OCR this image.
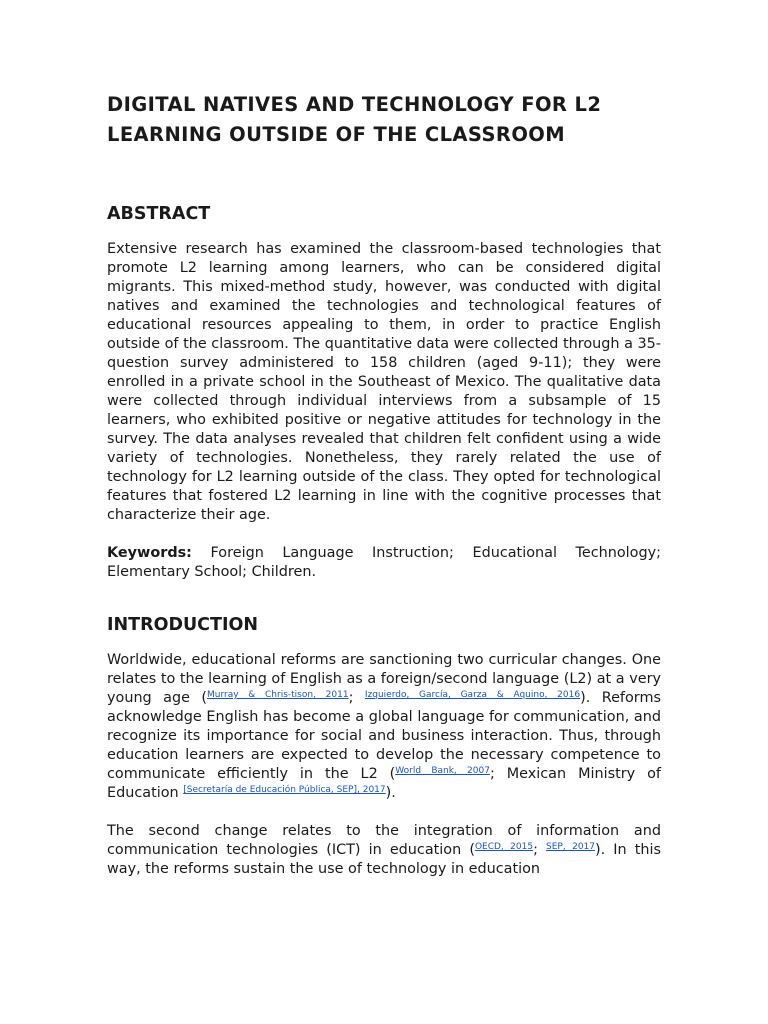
DIGITAL NATIVES AND TECHNOLOGY FOR L2 LEARNING OUTSIDE OF THE CLASSROOM
ABSTRACT

Extensive research has examined the classroom-based technologies that promote L2 learning among learners, who can be considered digital migrants. This mixed-method study, however, was conducted with digital natives and examined the technologies and technological features of educational resources appealing to them, in order to practice English outside of the classroom. The quantitative data were collected through a 35-question survey administered to 158 children (aged 9-11); they were enrolled in a private school in the Southeast of Mexico. The qualitative data were collected through individual interviews from a subsample of 15 learners, who exhibited positive or negative attitudes for technology in the survey. The data analyses revealed that children felt confident using a wide variety of technologies. Nonetheless, they rarely related the use of technology for L2 learning outside of the class. They opted for technological features that fostered L2 learning in line with the cognitive processes that characterize their age.

Keywords: Foreign Language Instruction; Educational Technology; Elementary School; Children.

INTRODUCTION

Worldwide, educational reforms are sanctioning two curricular changes. One relates to the learning of English as a foreign/second language (L2) at a very young age ($^{Murray \& Chris-tison, 2011}$; $^{Izquierdo, García, Garza \& Aquino, 2016}$). Reforms acknowledge English has become a global language for communication, and recognize its importance for social and business interaction. Thus, through education learners are expected to develop the necessary competence to communicate efficiently in the L2 ($^{World Bank, 2007}$; Mexican Ministry of Education $^{[Secretaría de Educación Pública, SEP], 2017}$).

The second change relates to the integration of information and communication technologies (ICT) in education ($^{OECD, 2015}$; $^{SEP, 2017}$). In this way, the reforms sustain the use of technology in education
